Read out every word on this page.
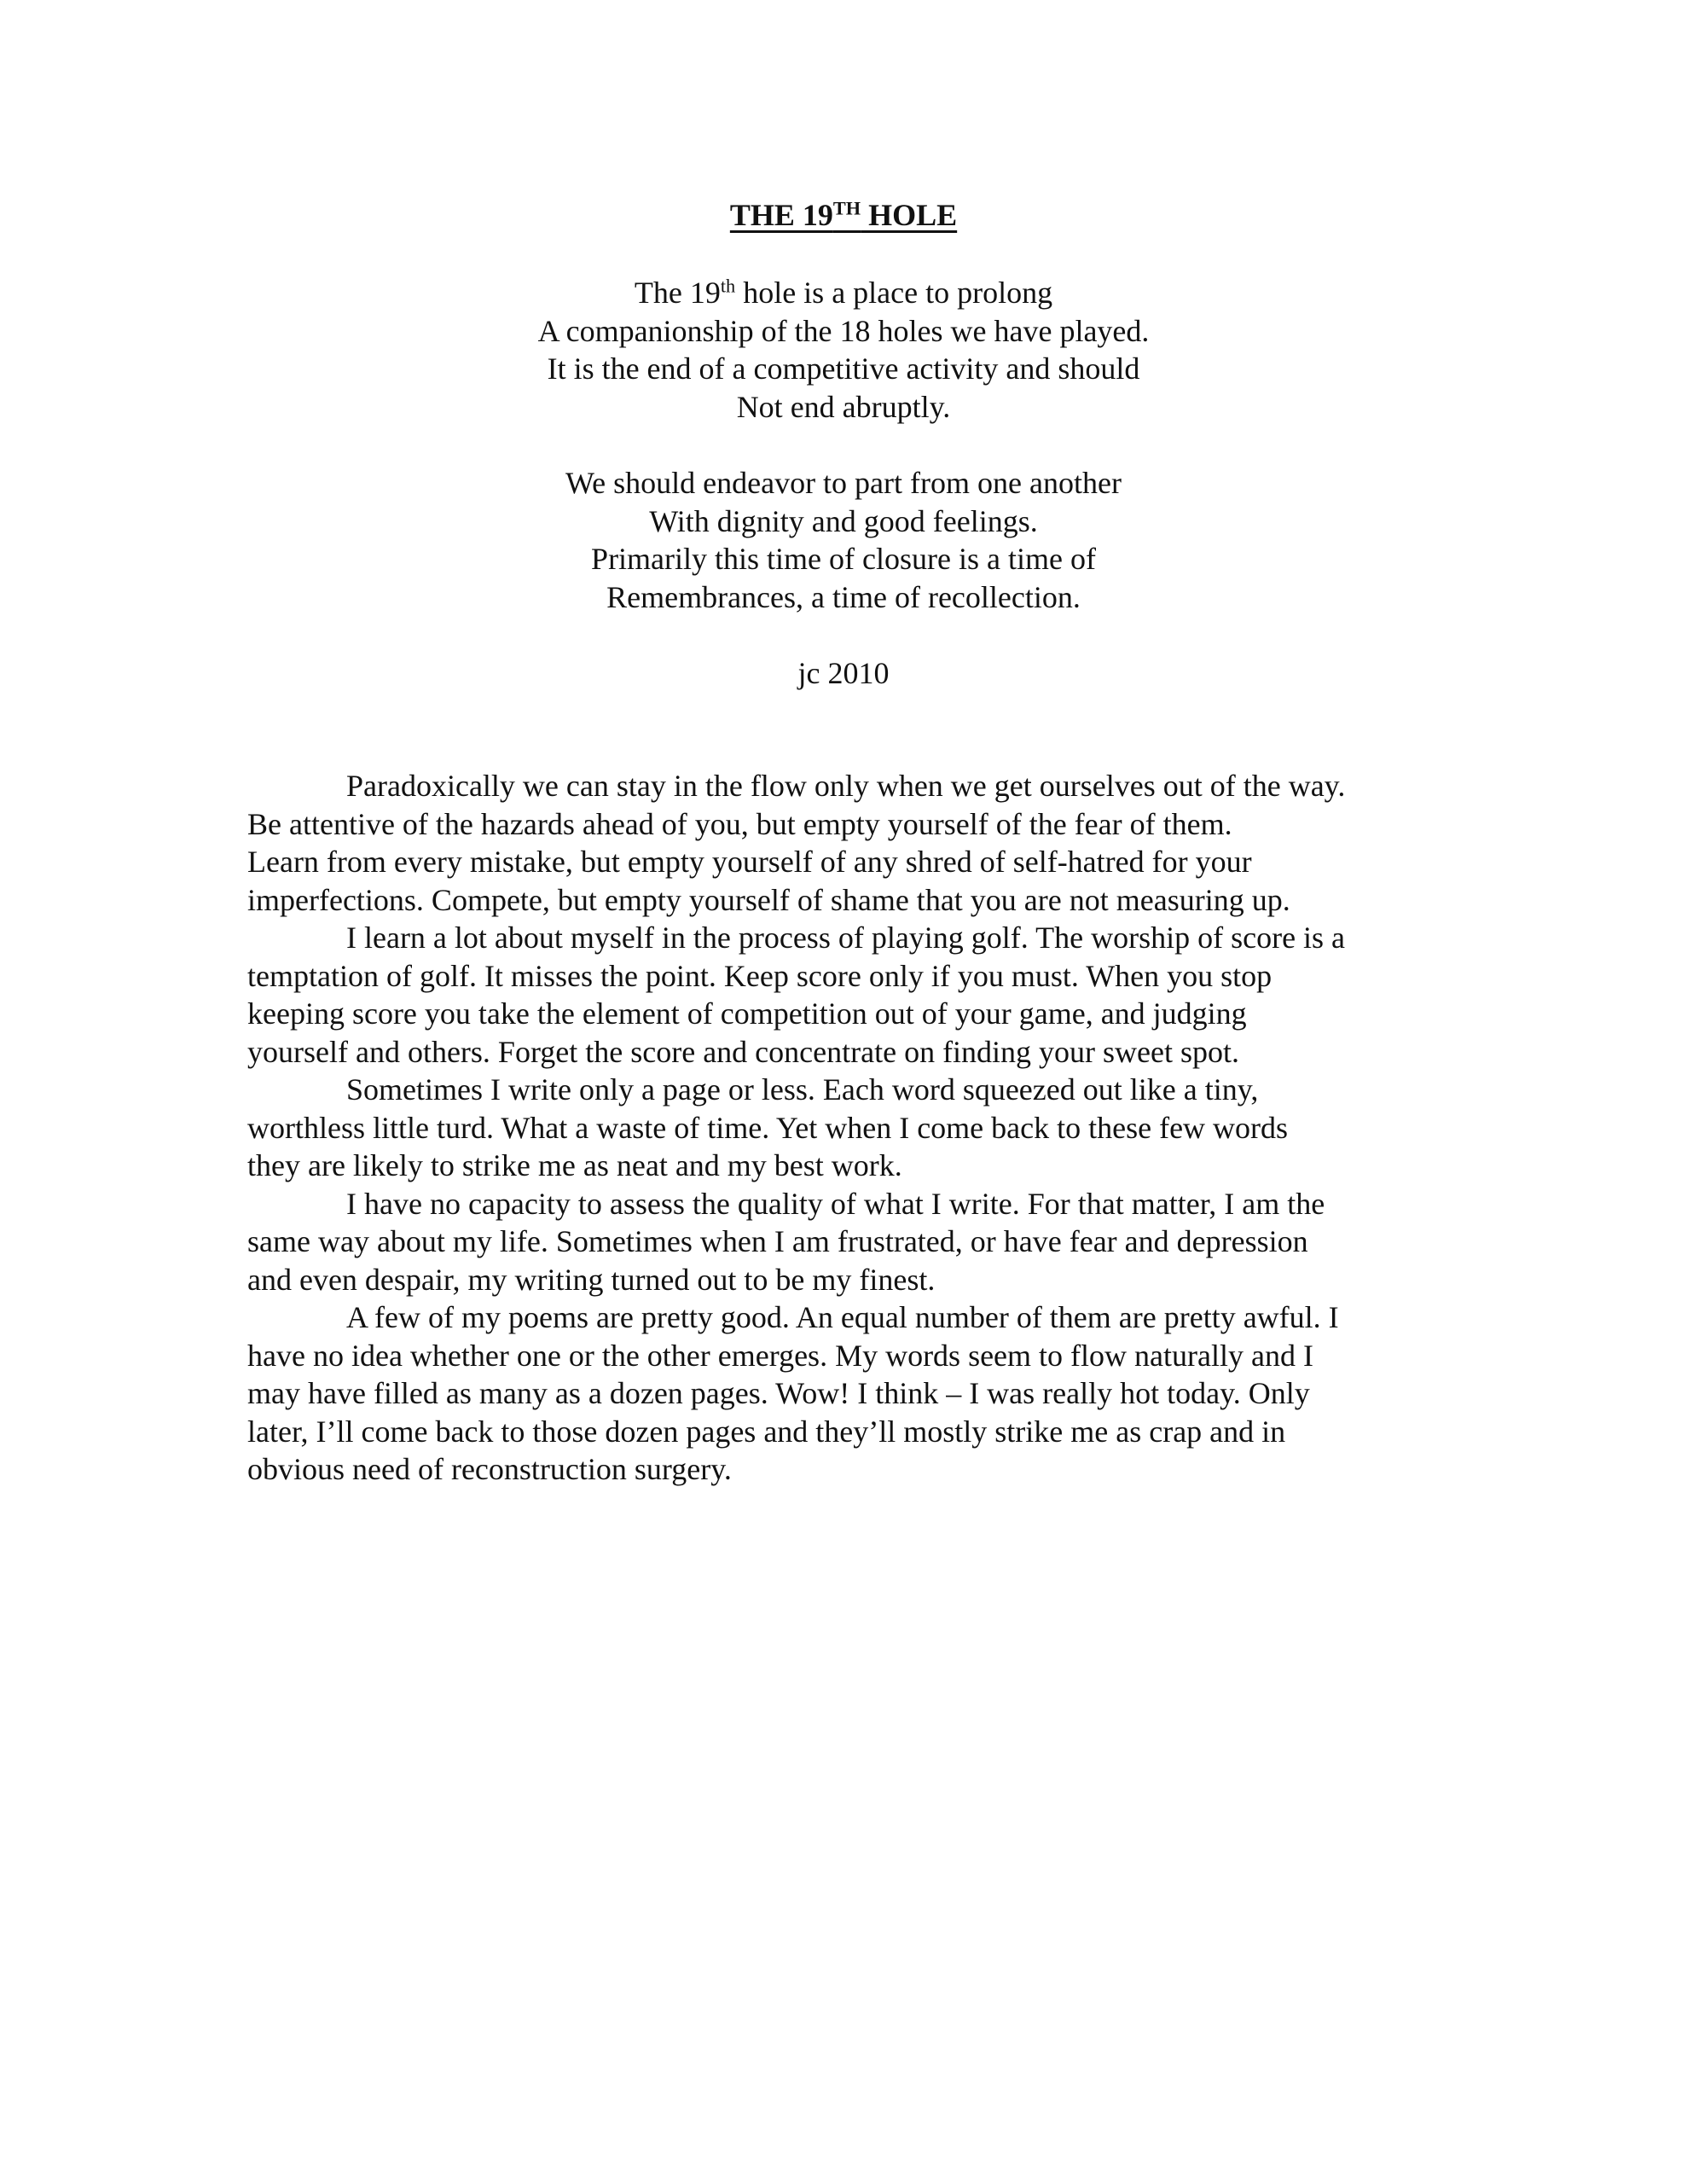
THE 19TH HOLE
The 19th hole is a place to prolong
A companionship of the 18 holes we have played.
It is the end of a competitive activity and should
Not end abruptly.
We should endeavor to part from one another
With dignity and good feelings.
Primarily this time of closure is a time of
Remembrances, a time of recollection.
jc 2010
Paradoxically we can stay in the flow only when we get ourselves out of the way.
Be attentive of the hazards ahead of you, but empty yourself of the fear of them.
Learn from every mistake, but empty yourself of any shred of self-hatred for your
imperfections. Compete, but empty yourself of shame that you are not measuring up.
I learn a lot about myself in the process of playing golf. The worship of score is a
temptation of golf. It misses the point. Keep score only if you must. When you stop
keeping score you take the element of competition out of your game, and judging
yourself and others. Forget the score and concentrate on finding your sweet spot.
Sometimes I write only a page or less. Each word squeezed out like a tiny,
worthless little turd. What a waste of time. Yet when I come back to these few words
they are likely to strike me as neat and my best work.
I have no capacity to assess the quality of what I write. For that matter, I am the
same way about my life. Sometimes when I am frustrated, or have fear and depression
and even despair, my writing turned out to be my finest.
A few of my poems are pretty good. An equal number of them are pretty awful. I
have no idea whether one or the other emerges. My words seem to flow naturally and I
may have filled as many as a dozen pages. Wow! I think – I was really hot today. Only
later, I’ll come back to those dozen pages and they’ll mostly strike me as crap and in
obvious need of reconstruction surgery.
